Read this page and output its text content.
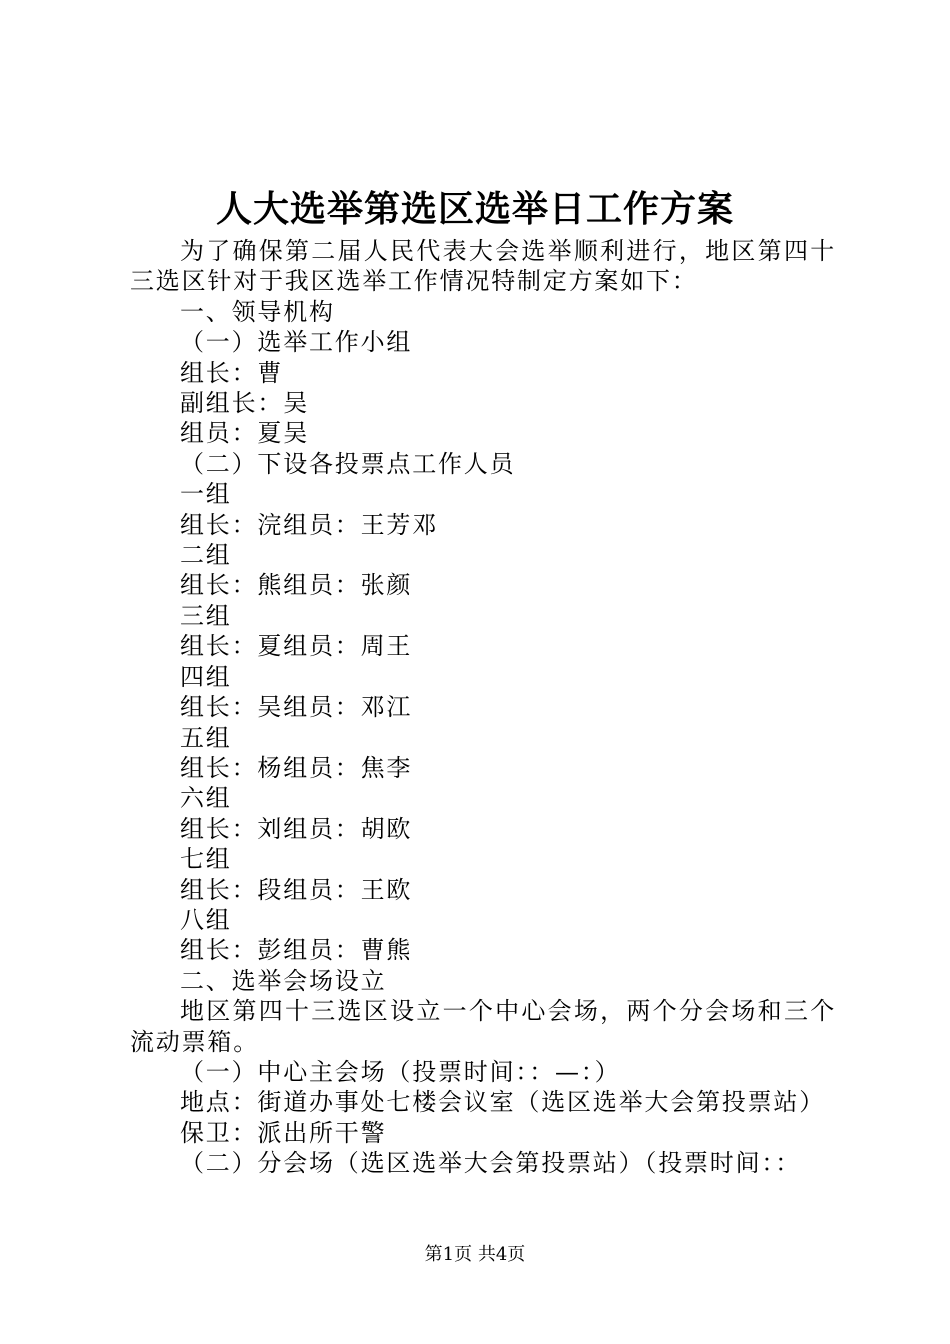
人大选举第选区选举日工作方案

为了确保第二届人民代表大会选举顺利进行，地区第四十三选区针对于我区选举工作情况特制定方案如下：

一、领导机构

（一）选举工作小组

组长：曹

副组长：吴

组员：夏吴

（二）下设各投票点工作人员

一组

组长：浣组员：王芳邓

二组

组长：熊组员：张颜

三组

组长：夏组员：周王

四组

组长：吴组员：邓江

五组

组长：杨组员：焦李

六组

组长：刘组员：胡欧

七组

组长：段组员：王欧

八组

组长：彭组员：曹熊

二、选举会场设立

地区第四十三选区设立一个中心会场，两个分会场和三个流动票箱。

（一）中心主会场（投票时间：：—：）

地点：街道办事处七楼会议室（选区选举大会第投票站）

保卫：派出所干警

（二）分会场（选区选举大会第投票站）（投票时间：：

第1页 共4页
